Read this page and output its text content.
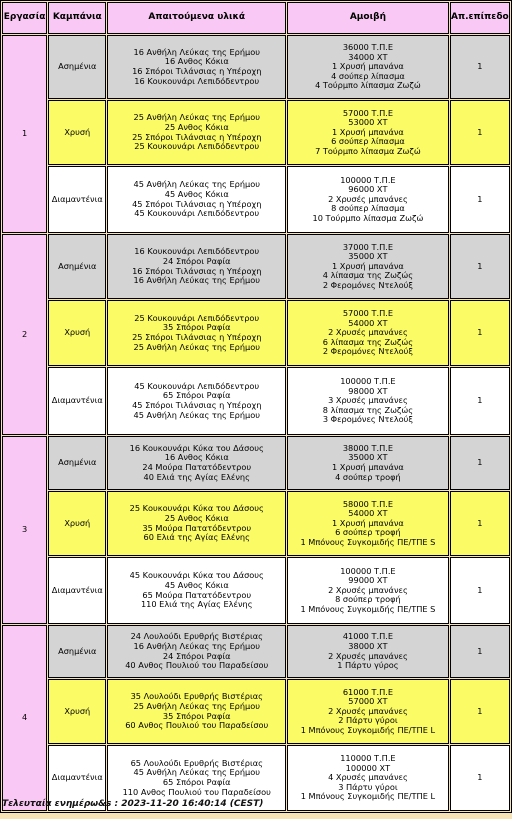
Εργασία	Καμπάνια	Απαιτούμενα υλικά	Αμοιβή	Απ.επίπεδο
1	Ασημένια	16 Ανθήλη Λεύκας της Ερήμου
16 Ανθος Κόκια
16 Σπόροι Τιλάνσιας η Υπέροχη
16 Κουκουνάρι Λεπιδόδεντρου	36000 Τ.Π.Ε
34000 ΧΤ
1 Χρυσή μπανάνα
4 σούπερ λίπασμα
4 Τούρμπο λίπασμα Ζωζώ	1
	Χρυσή	25 Ανθήλη Λεύκας της Ερήμου
25 Ανθος Κόκια
25 Σπόροι Τιλάνσιας η Υπέροχη
25 Κουκουνάρι Λεπιδόδεντρου	57000 Τ.Π.Ε
53000 ΧΤ
1 Χρυσή μπανάνα
6 σούπερ λίπασμα
7 Τούρμπο λίπασμα Ζωζώ	1
	Διαμαντένια	45 Ανθήλη Λεύκας της Ερήμου
45 Ανθος Κόκια
45 Σπόροι Τιλάνσιας η Υπέροχη
45 Κουκουνάρι Λεπιδόδεντρου	100000 Τ.Π.Ε
96000 ΧΤ
2 Χρυσές μπανάνες
8 σούπερ λίπασμα
10 Τούρμπο λίπασμα Ζωζώ	1
2	Ασημένια	16 Κουκουνάρι Λεπιδόδεντρου
24 Σπόροι Ραφία
16 Σπόροι Τιλάνσιας η Υπέροχη
16 Ανθήλη Λεύκας της Ερήμου	37000 Τ.Π.Ε
35000 ΧΤ
1 Χρυσή μπανάνα
4 λίπασμα της Ζωζώς
2 Φερομόνες Ντελούξ	1
	Χρυσή	25 Κουκουνάρι Λεπιδόδεντρου
35 Σπόροι Ραφία
25 Σπόροι Τιλάνσιας η Υπέροχη
25 Ανθήλη Λεύκας της Ερήμου	57000 Τ.Π.Ε
54000 ΧΤ
2 Χρυσές μπανάνες
6 λίπασμα της Ζωζώς
2 Φερομόνες Ντελούξ	1
	Διαμαντένια	45 Κουκουνάρι Λεπιδόδεντρου
65 Σπόροι Ραφία
45 Σπόροι Τιλάνσιας η Υπέροχη
45 Ανθήλη Λεύκας της Ερήμου	100000 Τ.Π.Ε
98000 ΧΤ
3 Χρυσές μπανάνες
8 λίπασμα της Ζωζώς
3 Φερομόνες Ντελούξ	1
3	Ασημένια	16 Κουκουνάρι Κύκα του Δάσους
16 Ανθος Κόκια
24 Μούρα Πατατόδεντρου
40 Ελιά της Αγίας Ελένης	38000 Τ.Π.Ε
35000 ΧΤ
1 Χρυσή μπανάνα
4 σούπερ τροφή	1
	Χρυσή	25 Κουκουνάρι Κύκα του Δάσους
25 Ανθος Κόκια
35 Μούρα Πατατόδεντρου
60 Ελιά της Αγίας Ελένης	58000 Τ.Π.Ε
54000 ΧΤ
1 Χρυσή μπανάνα
6 σούπερ τροφή
1 Μπόνους Συγκομιδής ΠΕ/ΤΠΕ S	1
	Διαμαντένια	45 Κουκουνάρι Κύκα του Δάσους
45 Ανθος Κόκια
65 Μούρα Πατατόδεντρου
110 Ελιά της Αγίας Ελένης	100000 Τ.Π.Ε
99000 ΧΤ
2 Χρυσές μπανάνες
8 σούπερ τροφή
1 Μπόνους Συγκομιδής ΠΕ/ΤΠΕ S	1
4	Ασημένια	24 Λουλούδι Ερυθρής Βιστέριας
16 Ανθήλη Λεύκας της Ερήμου
24 Σπόροι Ραφία
40 Ανθος Πουλιού του Παραδείσου	41000 Τ.Π.Ε
38000 ΧΤ
2 Χρυσές μπανάνες
1 Πάρτυ γύρος	1
	Χρυσή	35 Λουλούδι Ερυθρής Βιστέριας
25 Ανθήλη Λεύκας της Ερήμου
35 Σπόροι Ραφία
60 Ανθος Πουλιού του Παραδείσου	61000 Τ.Π.Ε
57000 ΧΤ
2 Χρυσές μπανάνες
2 Πάρτυ γύροι
1 Μπόνους Συγκομιδής ΠΕ/ΤΠΕ L	1
	Διαμαντένια	65 Λουλούδι Ερυθρής Βιστέριας
45 Ανθήλη Λεύκας της Ερήμου
65 Σπόροι Ραφία
110 Ανθος Πουλιού του Παραδείσου	110000 Τ.Π.Ε
100000 ΧΤ
4 Χρυσές μπανάνες
3 Πάρτυ γύροι
1 Μπόνους Συγκομιδής ΠΕ/ΤΠΕ L	1
Τελευταία ενημέρω&s : 2023-11-20 16:40:14 (CEST)
